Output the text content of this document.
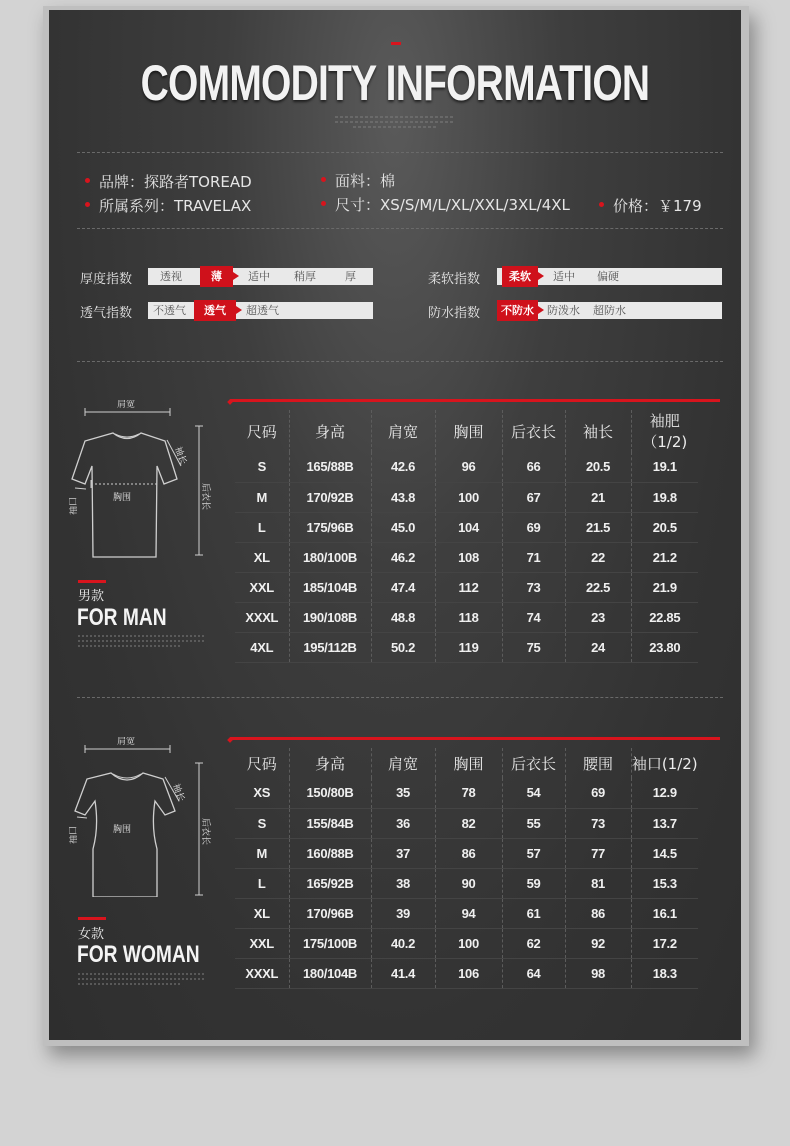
COMMODITY INFORMATION
品牌：探路者TOREAD
所属系列：TRAVELAX
面料：棉
尺寸：XS/S/M/L/XL/XXL/3XL/4XL	价格：￥179
厚度指数	透视	薄	适中 稍厚	厚
透气指数 不透气	透气	超透气
柔软指数	柔软	适中 偏硬
防水指数	不防水	防泼水 超防水
肩宽
胸围
袖长
袖口	后衣长
男款
FOR MAN
尺码	身高	肩宽	胸围	后衣长	袖长	袖肥（1/2)
S	165/88B	42.6	96	66	20.5	19.1
M	170/92B	43.8	100	67	21	19.8
L	175/96B	45.0	104	69	21.5	20.5
XL	180/100B	46.2	108	71	22	21.2
XXL	185/104B	47.4	112	73	22.5	21.9
XXXL	190/108B	48.8	118	74	23	22.85
4XL	195/112B	50.2	119	75	24	23.80
肩宽
胸围
袖长
袖口	后衣长
女款
FOR WOMAN
尺码	身高	肩宽	胸围	后衣长	腰围	袖口(1/2)
XS	150/80B	35	78	54	69	12.9
S	155/84B	36	82	55	73	13.7
M	160/88B	37	86	57	77	14.5
L	165/92B	38	90	59	81	15.3
XL	170/96B	39	94	61	86	16.1
XXL	175/100B	40.2	100	62	92	17.2
XXXL	180/104B	41.4	106	64	98	18.3
